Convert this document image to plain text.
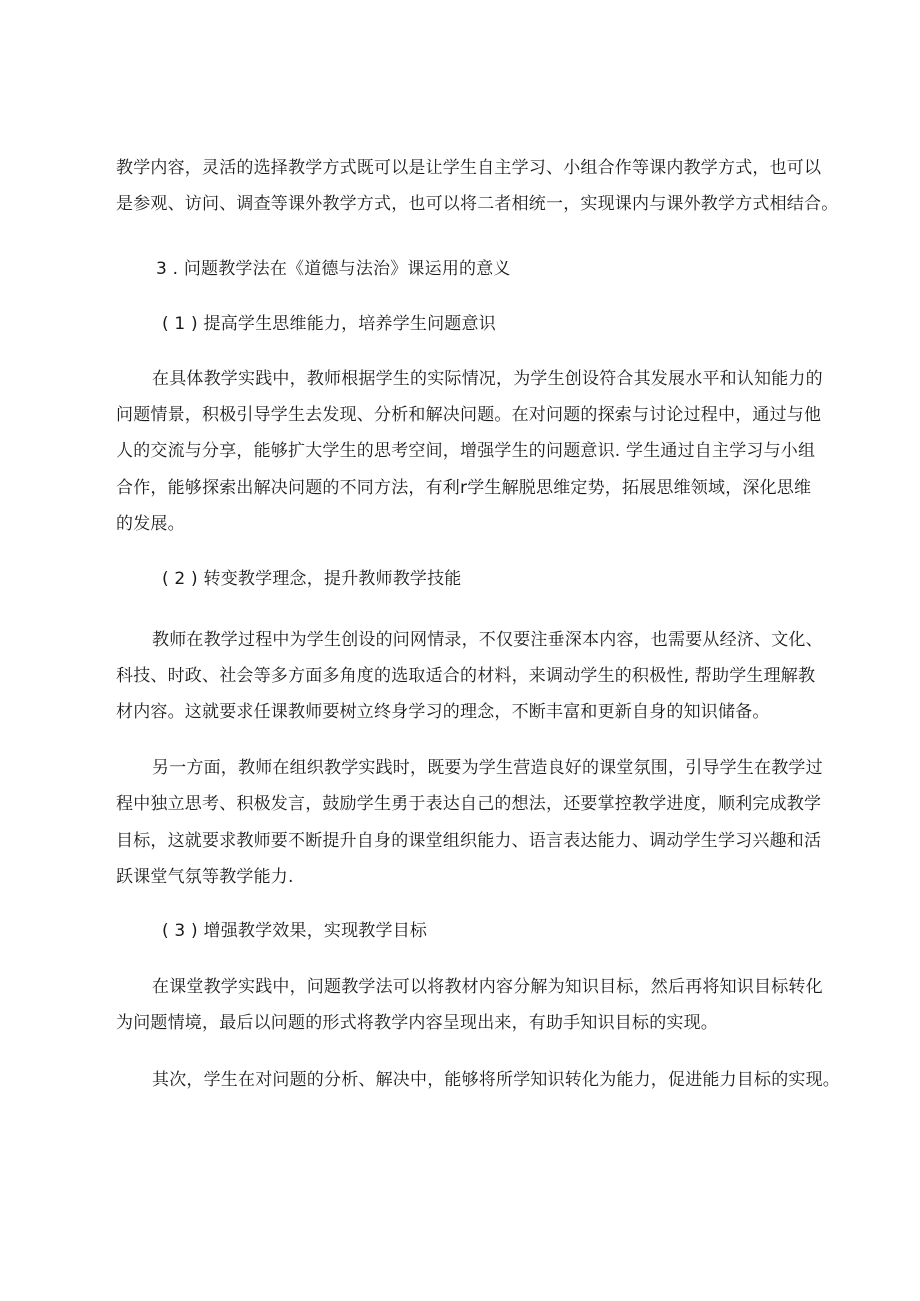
教学内容，灵活的选择教学方式既可以是让学生自主学习、小组合作等课内教学方式，也可以
是参观、访问、调查等课外教学方式，也可以将二者相统一，实现课内与课外教学方式相结合。
3 . 问题教学法在《道德与法治》课运用的意义
( 1 ) 提高学生思维能力，培养学生问题意识
在具体教学实践中，教师根据学生的实际情况，为学生创设符合其发展水平和认知能力的
问题情景，积极引导学生去发现、分析和解决问题。在对问题的探索与讨论过程中，通过与他
人的交流与分享，能够扩大学生的思考空间，增强学生的问题意识. 学生通过自主学习与小组
合作，能够探索出解决问题的不同方法，有利r学生解脱思维定势，拓展思维领域，深化思维
的发展。
( 2 ) 转变教学理念，提升教师教学技能
教师在教学过程中为学生创设的问网情录，不仅要注垂深本内容，也需要从经济、文化、
科技、时政、社会等多方面多角度的选取适合的材料，来调动学生的积极性, 帮助学生理解教
材内容。这就要求任课教师要树立终身学习的理念，不断丰富和更新自身的知识储备。
另一方面，教师在组织教学实践时，既要为学生营造良好的课堂氛围，引导学生在教学过
程中独立思考、积极发言，鼓励学生勇于表达自己的想法，还要掌控教学进度，顺利完成教学
目标，这就要求教师要不断提升自身的课堂组织能力、语言表达能力、调动学生学习兴趣和活
跃课堂气氛等教学能力.
( 3 ) 增强教学效果，实现教学目标
在课堂教学实践中，问题教学法可以将教材内容分解为知识目标，然后再将知识目标转化
为问题情境，最后以问题的形式将教学内容呈现出来，有助手知识目标的实现。
其次，学生在对问题的分析、解决中，能够将所学知识转化为能力，促进能力目标的实现。
